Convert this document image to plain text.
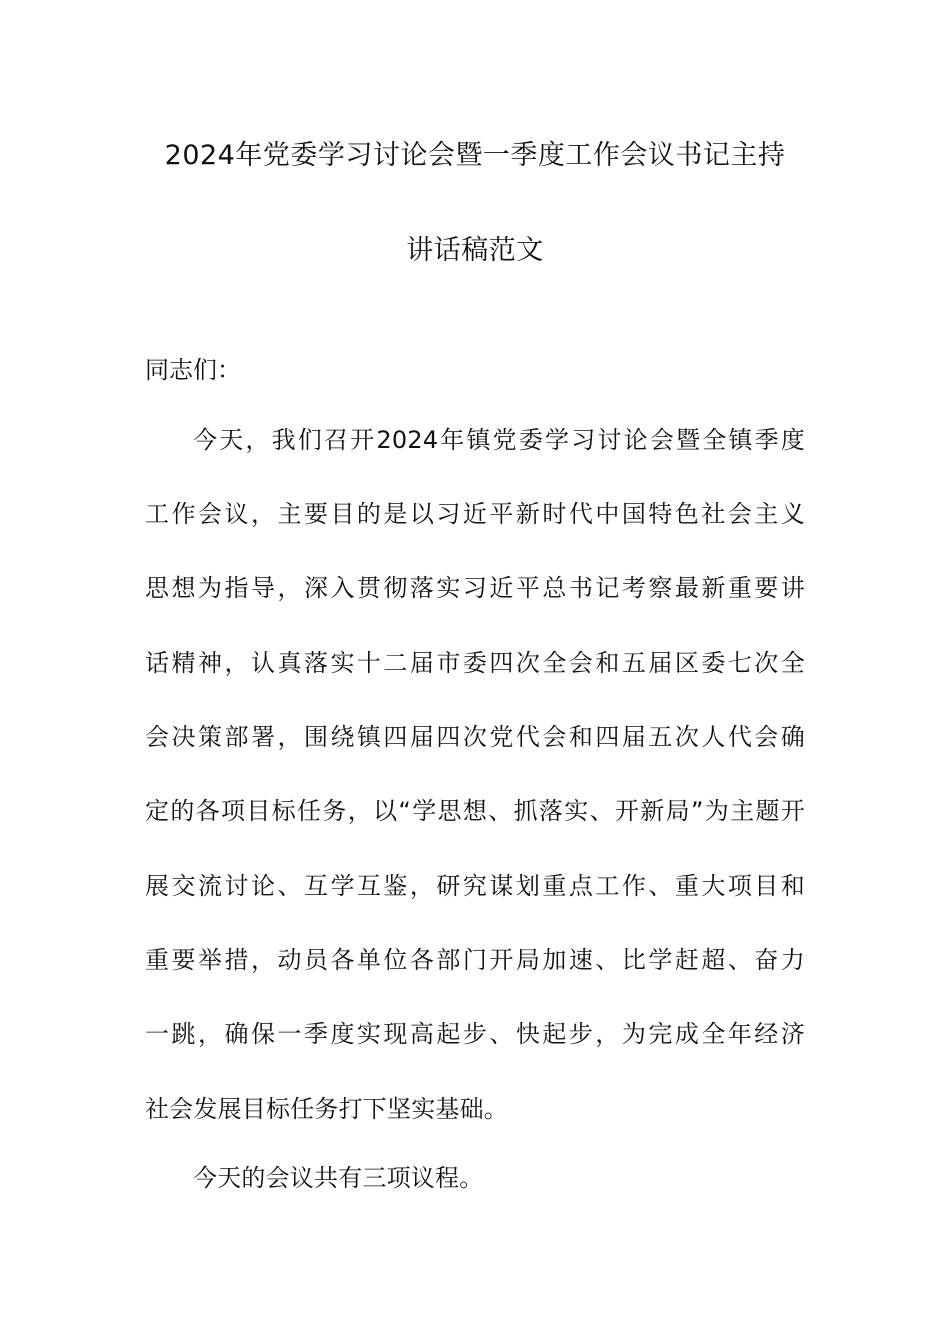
2024年党委学习讨论会暨一季度工作会议书记主持
讲话稿范文
同志们：
今天，我们召开2024年镇党委学习讨论会暨全镇季度
工作会议，主要目的是以习近平新时代中国特色社会主义
思想为指导，深入贯彻落实习近平总书记考察最新重要讲
话精神，认真落实十二届市委四次全会和五届区委七次全
会决策部署，围绕镇四届四次党代会和四届五次人代会确
定的各项目标任务，以“学思想、抓落实、开新局”为主题开
展交流讨论、互学互鉴，研究谋划重点工作、重大项目和
重要举措，动员各单位各部门开局加速、比学赶超、奋力
一跳，确保一季度实现高起步、快起步，为完成全年经济
社会发展目标任务打下坚实基础。
今天的会议共有三项议程。
